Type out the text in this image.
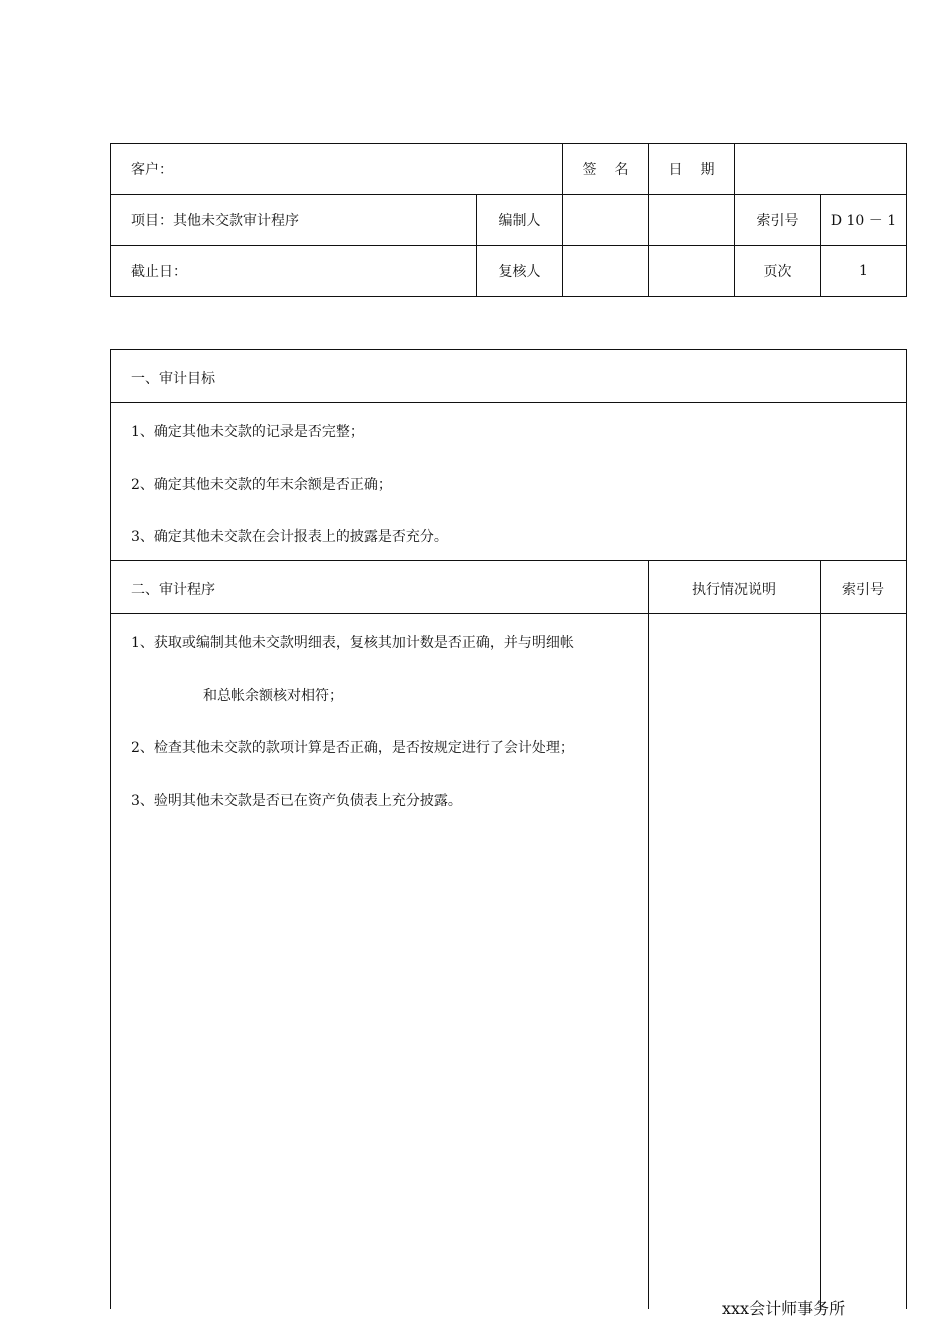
客户：		签名	日期		
项目：其他未交款审计程序	编制人			索引号	D 10 － 1
截止日：	复核人			页次	1
一、审计目标
1、确定其他未交款的记录是否完整；
2、确定其他未交款的年末余额是否正确；
3、确定其他未交款在会计报表上的披露是否充分。
二、审计程序	执行情况说明	索引号
1、获取或编制其他未交款明细表，复核其加计数是否正确，并与明细帐
和总帐余额核对相符；
2、检查其他未交款的款项计算是否正确，是否按规定进行了会计处理；
3、验明其他未交款是否已在资产负债表上充分披露。
xxx会计师事务所
